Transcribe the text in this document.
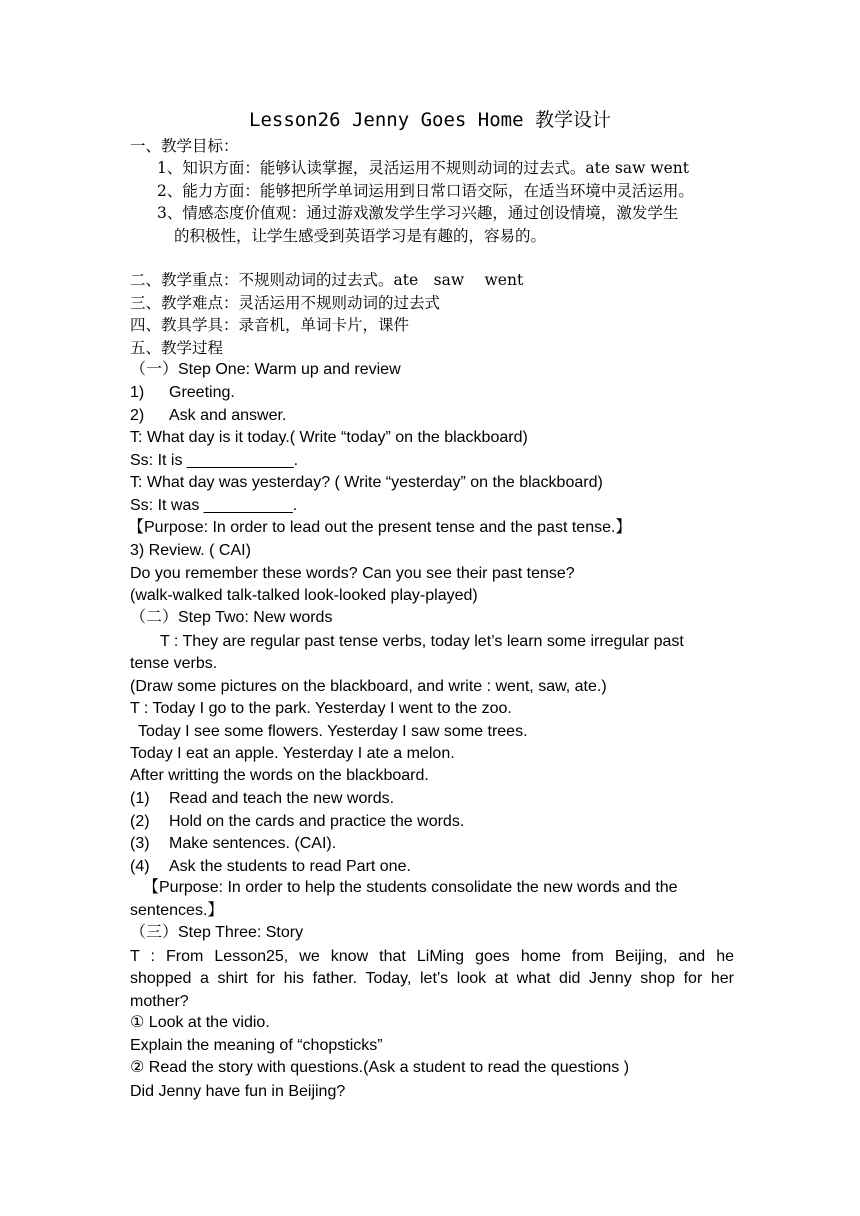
Lesson26 Jenny Goes Home 教学设计
一、教学目标：
1、知识方面：能够认读掌握，灵活运用不规则动词的过去式。ate saw went
2、能力方面：能够把所学单词运用到日常口语交际，在适当环境中灵活运用。
3、情感态度价值观：通过游戏激发学生学习兴趣，通过创设情境，激发学生
的积极性，让学生感受到英语学习是有趣的，容易的。
二、教学重点：不规则动词的过去式。ate　saw　 went
三、教学难点：灵活运用不规则动词的过去式
四、教具学具：录音机，单词卡片，课件
五、教学过程
（一）Step One: Warm up and review
1) Greeting.
2) Ask and answer.
T: What day is it today.( Write “today” on the blackboard)
Ss: It is ____________.
T: What day was yesterday? ( Write “yesterday” on the blackboard)
Ss: It was __________.
【Purpose: In order to lead out the present tense and the past tense.】
3) Review. ( CAI)
Do you remember these words? Can you see their past tense?
(walk-walked talk-talked look-looked play-played)
（二）Step Two: New words
T : They are regular past tense verbs, today let’s learn some irregular past
tense verbs.
(Draw some pictures on the blackboard, and write : went, saw, ate.)
T : Today I go to the park. Yesterday I went to the zoo.
Today I see some flowers. Yesterday I saw some trees.
Today I eat an apple. Yesterday I ate a melon.
After writting the words on the blackboard.
(1) Read and teach the new words.
(2) Hold on the cards and practice the words.
(3) Make sentences. (CAI).
(4) Ask the students to read Part one.
【Purpose: In order to help the students consolidate the new words and the
sentences.】
（三）Step Three: Story
T : From Lesson25, we know that LiMing goes home from Beijing, and he
shopped a shirt for his father. Today, let’s look at what did Jenny shop for her
mother?
① Look at the vidio.
Explain the meaning of “chopsticks”
② Read the story with questions.(Ask a student to read the questions )
Did Jenny have fun in Beijing?
